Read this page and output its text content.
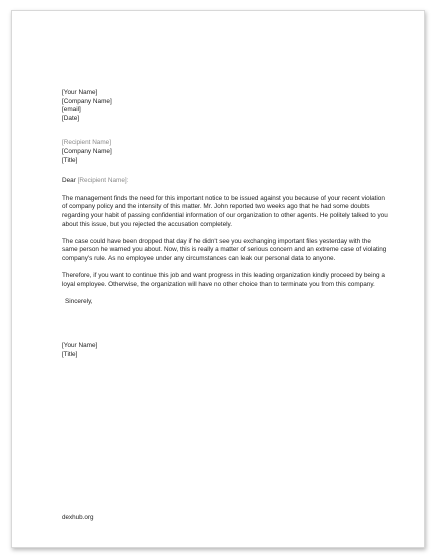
[Your Name]
[Company Name]
[email]
[Date]
[Recipient Name]
[Company Name]
[Title]
Dear [Recipient Name]:

The management finds the need for this important notice to be issued against you because of your recent violation of company policy and the intensity of this matter. Mr. John reported two weeks ago that he had some doubts regarding your habit of passing confidential information of our organization to other agents. He politely talked to you about this issue, but you rejected the accusation completely.

The case could have been dropped that day if he didn't see you exchanging important files yesterday with the same person he warned you about. Now, this is really a matter of serious concern and an extreme case of violating company's rule. As no employee under any circumstances can leak our personal data to anyone.

Therefore, if you want to continue this job and want progress in this leading organization kindly proceed by being a loyal employee. Otherwise, the organization will have no other choice than to terminate you from this company.

Sincerely,
[Your Name]
[Title]
dexhub.org
